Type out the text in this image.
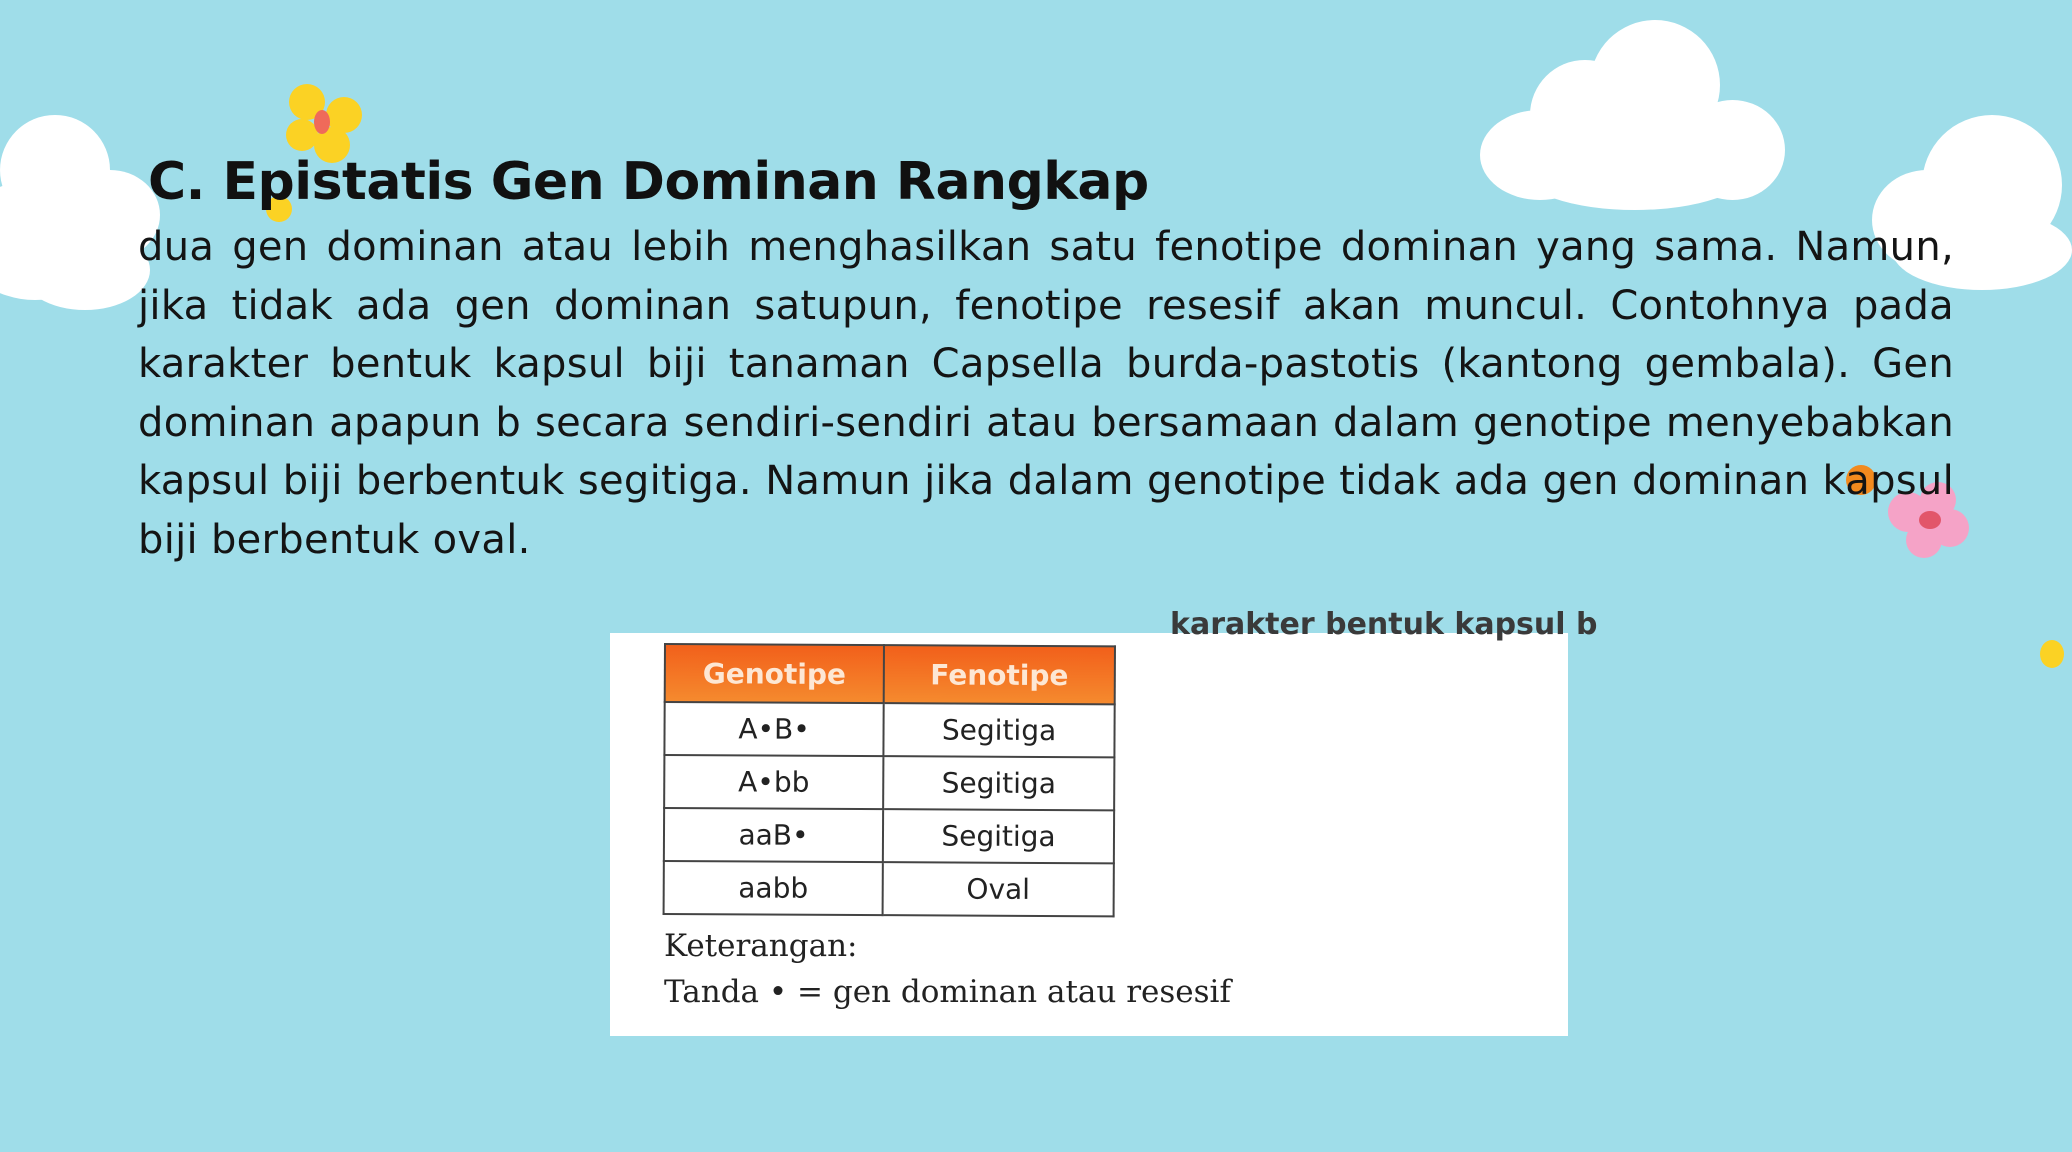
C. Epistatis Gen Dominan Rangkap

dua gen dominan atau lebih menghasilkan satu fenotipe dominan yang sama. Namun, jika tidak ada gen dominan satupun, fenotipe resesif akan muncul. Contohnya pada karakter bentuk kapsul biji tanaman Capsella burda-pastotis (kantong gembala). Gen dominan apapun b secara sendiri-sendiri atau bersamaan dalam genotipe menyebabkan kapsul biji berbentuk segitiga. Namun jika dalam genotipe tidak ada gen dominan kapsul biji berbentuk oval.

karakter bentuk kapsul b

Genotipe	Fenotipe
A•B•	Segitiga
A•bb	Segitiga
aaB•	Segitiga
aabb	Oval
Keterangan:
Tanda • = gen dominan atau resesif
